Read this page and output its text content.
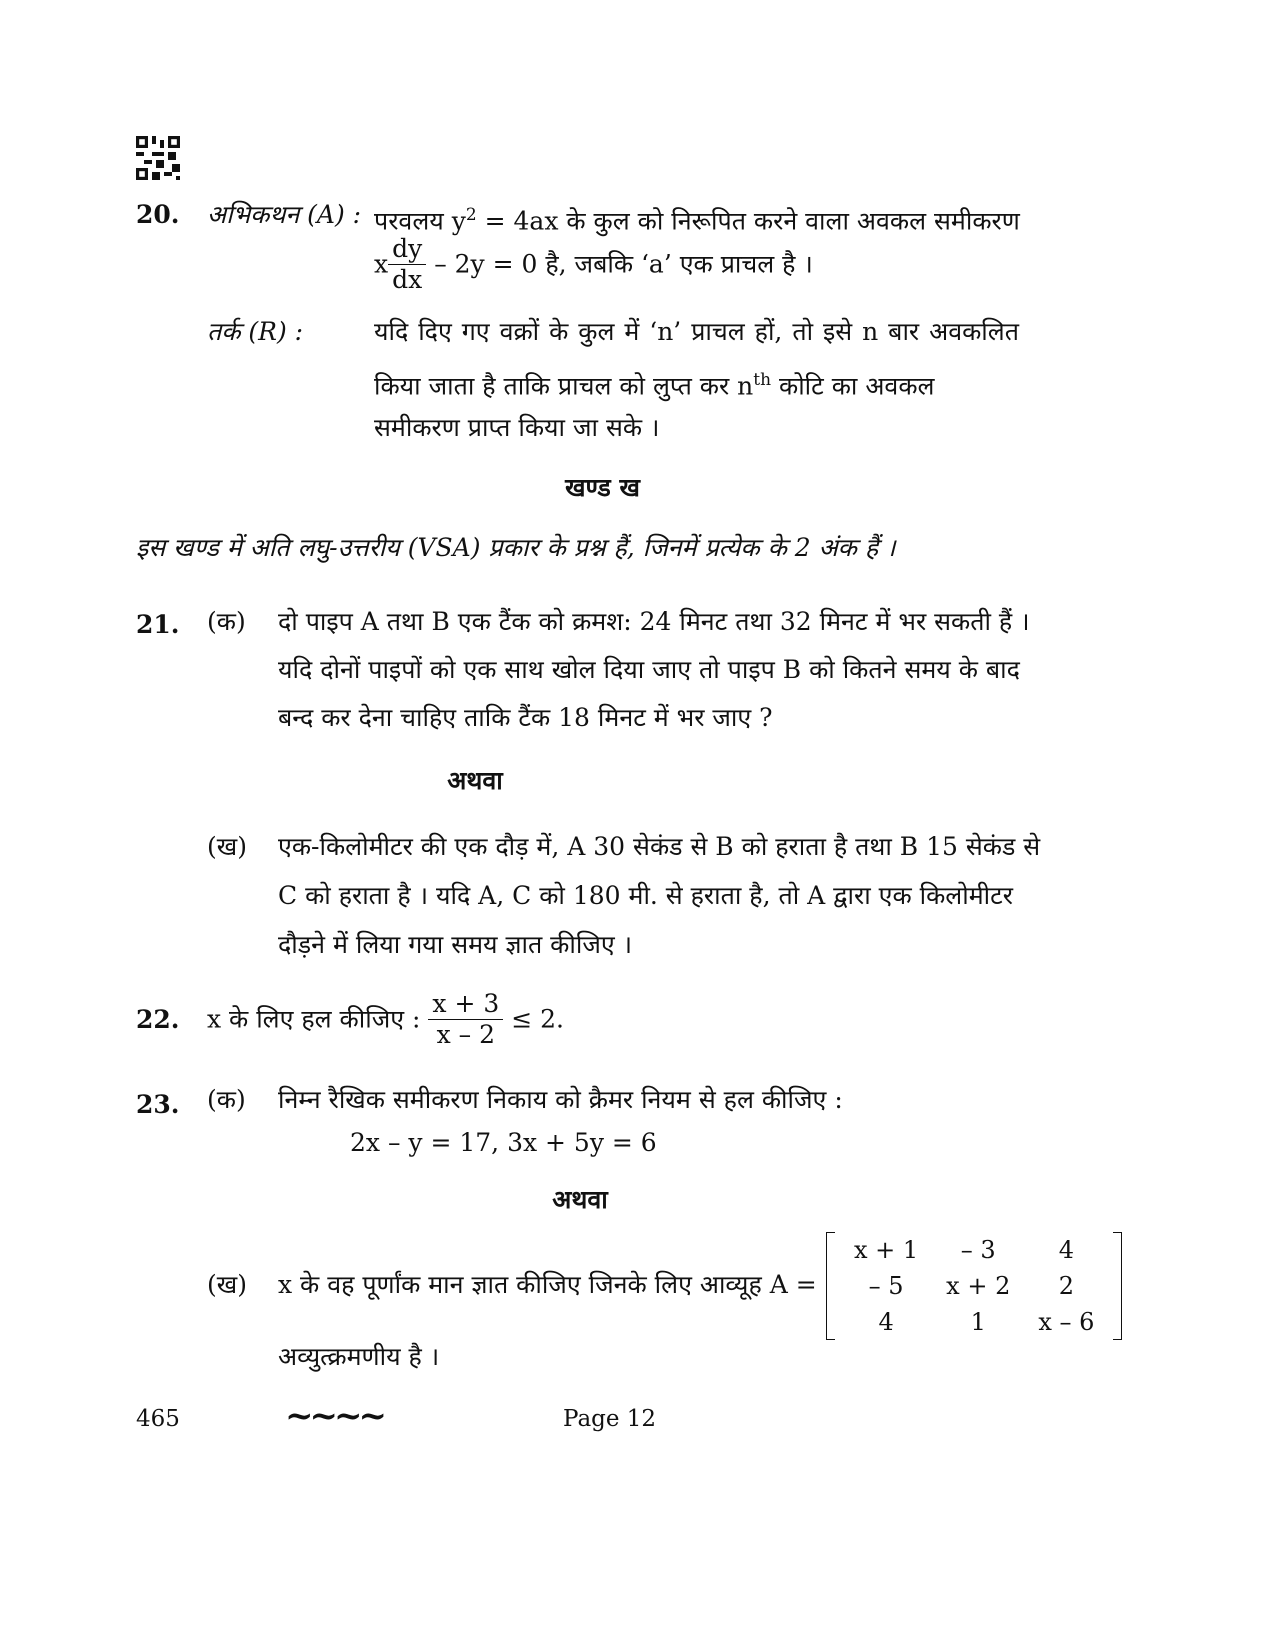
20. अभिकथन (A) : परवलय $y^2 = 4ax$ के कुल को निरूपित करने वाला अवकल समीकरण
x $\frac{dy}{dx} - 2y = 0$ है, जबकि ‘a’ एक प्राचल है ।
तर्क (R) :	यदि दिए गए वक्रों के कुल में ‘n’ प्राचल हों, तो इसे n बार अवकलित
किया जाता है ताकि प्राचल को लुप्त कर $n^{th}$ कोटि का अवकल
समीकरण प्राप्त किया जा सके ।
खण्ड ख
इस खण्ड में अति लघु-उत्तरीय (VSA) प्रकार के प्रश्न हैं, जिनमें प्रत्येक के 2 अंक हैं ।
21. (क) दो पाइप A तथा B एक टैंक को क्रमश: 24 मिनट तथा 32 मिनट में भर सकती हैं ।
यदि दोनों पाइपों को एक साथ खोल दिया जाए तो पाइप B को कितने समय के बाद
बन्द कर देना चाहिए ताकि टैंक 18 मिनट में भर जाए ?
अथवा
(ख) एक-किलोमीटर की एक दौड़ में, A 30 सेकंड से B को हराता है तथा B 15 सेकंड से
C को हराता है । यदि A, C को 180 मी. से हराता है, तो A द्वारा एक किलोमीटर
दौड़ने में लिया गया समय ज्ञात कीजिए ।
22. x के लिए हल कीजिए : $\frac{x + 3}{x - 2} \le 2$.
23. (क) निम्न रैखिक समीकरण निकाय को क्रैमर नियम से हल कीजिए :
2x – y = 17, 3x + 5y = 6
अथवा
(ख) x के वह पूर्णांक मान ज्ञात कीजिए जिनके लिए आव्यूह A =
x + 1	– 3	4
– 5	x + 2	2
4	1	x – 6
अव्युत्क्रमणीय है ।
465	~~~~	Page 12
